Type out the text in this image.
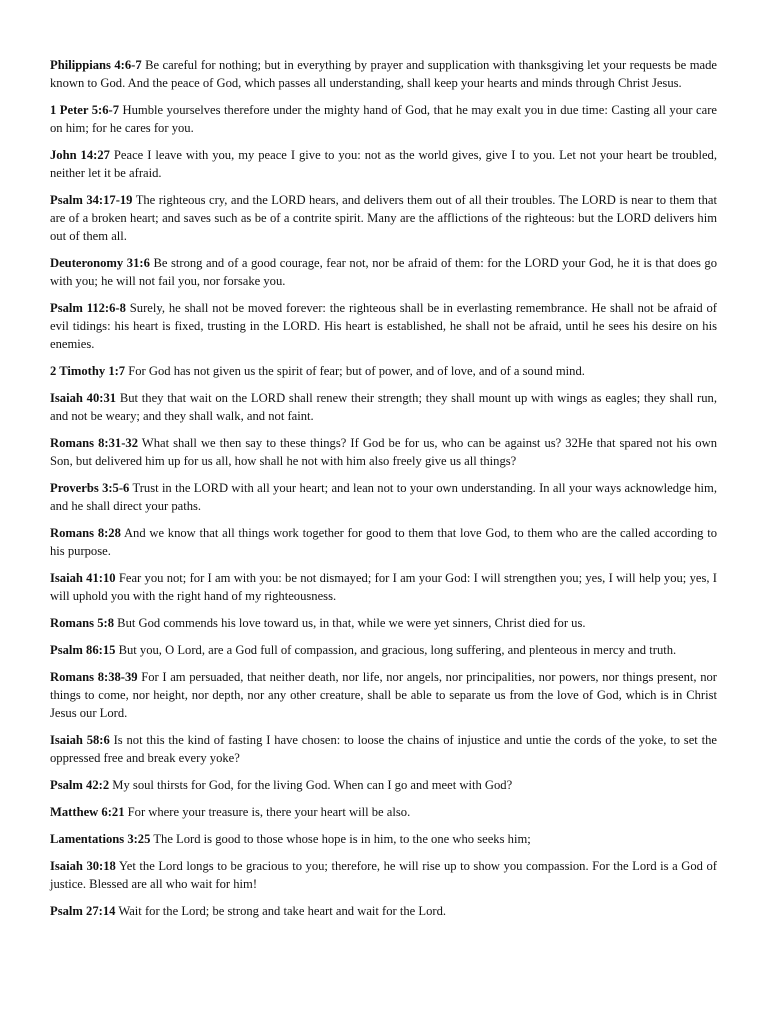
Philippians 4:6-7 Be careful for nothing; but in everything by prayer and supplication with thanksgiving let your requests be made known to God. And the peace of God, which passes all understanding, shall keep your hearts and minds through Christ Jesus.

1 Peter 5:6-7 Humble yourselves therefore under the mighty hand of God, that he may exalt you in due time: Casting all your care on him; for he cares for you.

John 14:27 Peace I leave with you, my peace I give to you: not as the world gives, give I to you. Let not your heart be troubled, neither let it be afraid.

Psalm 34:17-19 The righteous cry, and the LORD hears, and delivers them out of all their troubles. The LORD is near to them that are of a broken heart; and saves such as be of a contrite spirit. Many are the afflictions of the righteous: but the LORD delivers him out of them all.

Deuteronomy 31:6 Be strong and of a good courage, fear not, nor be afraid of them: for the LORD your God, he it is that does go with you; he will not fail you, nor forsake you.

Psalm 112:6-8 Surely, he shall not be moved forever: the righteous shall be in everlasting remembrance. He shall not be afraid of evil tidings: his heart is fixed, trusting in the LORD. His heart is established, he shall not be afraid, until he sees his desire on his enemies.

2 Timothy 1:7 For God has not given us the spirit of fear; but of power, and of love, and of a sound mind.

Isaiah 40:31 But they that wait on the LORD shall renew their strength; they shall mount up with wings as eagles; they shall run, and not be weary; and they shall walk, and not faint.

Romans 8:31-32 What shall we then say to these things? If God be for us, who can be against us? 32He that spared not his own Son, but delivered him up for us all, how shall he not with him also freely give us all things?

Proverbs 3:5-6 Trust in the LORD with all your heart; and lean not to your own understanding. In all your ways acknowledge him, and he shall direct your paths.

Romans 8:28 And we know that all things work together for good to them that love God, to them who are the called according to his purpose.

Isaiah 41:10 Fear you not; for I am with you: be not dismayed; for I am your God: I will strengthen you; yes, I will help you; yes, I will uphold you with the right hand of my righteousness.

Romans 5:8 But God commends his love toward us, in that, while we were yet sinners, Christ died for us.

Psalm 86:15 But you, O Lord, are a God full of compassion, and gracious, long suffering, and plenteous in mercy and truth.

Romans 8:38-39 For I am persuaded, that neither death, nor life, nor angels, nor principalities, nor powers, nor things present, nor things to come, nor height, nor depth, nor any other creature, shall be able to separate us from the love of God, which is in Christ Jesus our Lord.

Isaiah 58:6 Is not this the kind of fasting I have chosen: to loose the chains of injustice and untie the cords of the yoke, to set the oppressed free and break every yoke?

Psalm 42:2 My soul thirsts for God, for the living God. When can I go and meet with God?

Matthew 6:21 For where your treasure is, there your heart will be also.

Lamentations 3:25 The Lord is good to those whose hope is in him, to the one who seeks him;

Isaiah 30:18 Yet the Lord longs to be gracious to you; therefore, he will rise up to show you compassion. For the Lord is a God of justice. Blessed are all who wait for him!

Psalm 27:14 Wait for the Lord; be strong and take heart and wait for the Lord.
